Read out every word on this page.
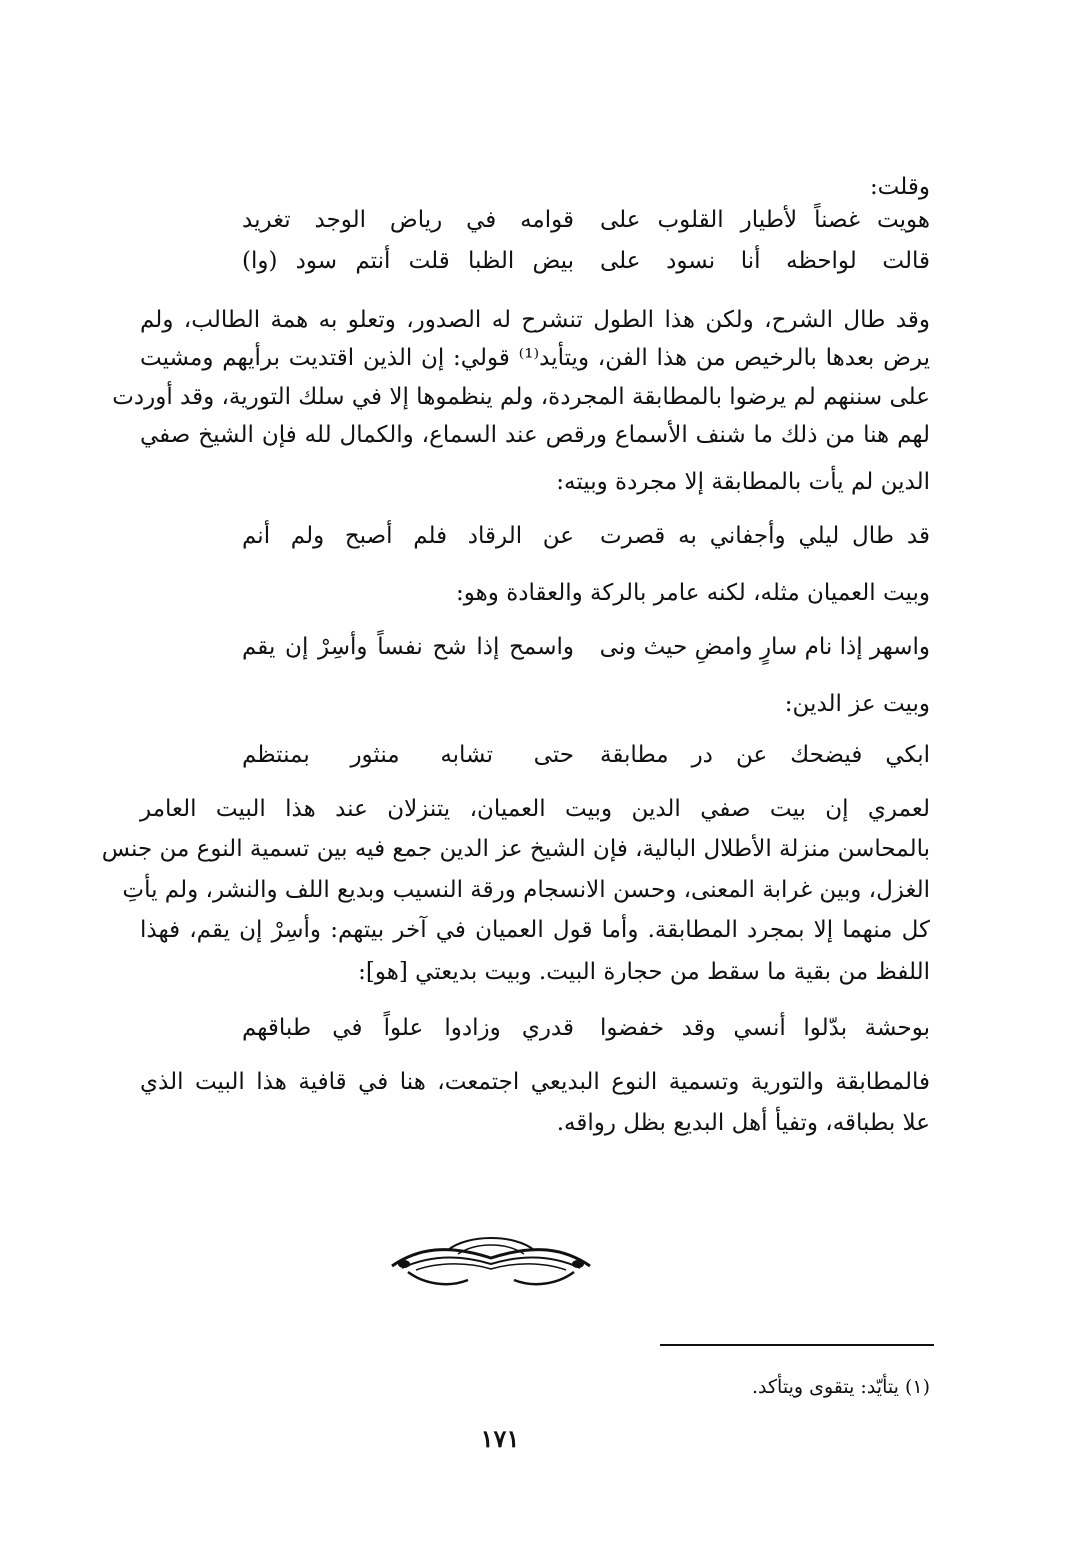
وقلت:
هويت غصناً لأطيار القلوب على
قوامه في رياض الوجد تغريد
قالت لواحظه أنا نسود على
بيض الظبا قلت أنتم سود (وا)
وقد طال الشرح، ولكن هذا الطول تنشرح له الصدور، وتعلو به همة الطالب، ولم
يرض بعدها بالرخيص من هذا الفن، ويتأيد⁽¹⁾ قولي: إن الذين اقتديت برأيهم ومشيت
على سننهم لم يرضوا بالمطابقة المجردة، ولم ينظموها إلا في سلك التورية، وقد أوردت
لهم هنا من ذلك ما شنف الأسماع ورقص عند السماع، والكمال لله فإن الشيخ صفي
الدين لم يأت بالمطابقة إلا مجردة وبيته:
قد طال ليلي وأجفاني به قصرت
عن الرقاد فلم أصبح ولم أنم
وبيت العميان مثله، لكنه عامر بالركة والعقادة وهو:
واسهر إذا نام سارٍ وامضِ حيث ونى
واسمح إذا شح نفساً وأسِرْ إن يقم
وبيت عز الدين:
ابكي فيضحك عن در مطابقة
حتى تشابه منثور بمنتظم
لعمري إن بيت صفي الدين وبيت العميان، يتنزلان عند هذا البيت العامر
بالمحاسن منزلة الأطلال البالية، فإن الشيخ عز الدين جمع فيه بين تسمية النوع من جنس
الغزل، وبين غرابة المعنى، وحسن الانسجام ورقة النسيب وبديع اللف والنشر، ولم يأتِ
كل منهما إلا بمجرد المطابقة. وأما قول العميان في آخر بيتهم: وأسِرْ إن يقم، فهذا
اللفظ من بقية ما سقط من حجارة البيت. وبيت بديعتي [هو]:
بوحشة بدّلوا أنسي وقد خفضوا
قدري وزادوا علواً في طباقهم
فالمطابقة والتورية وتسمية النوع البديعي اجتمعت، هنا في قافية هذا البيت الذي
علا بطباقه، وتفيأ أهل البديع بظل رواقه.
(١) يتأيّد: يتقوى ويتأكد.
١٧١
